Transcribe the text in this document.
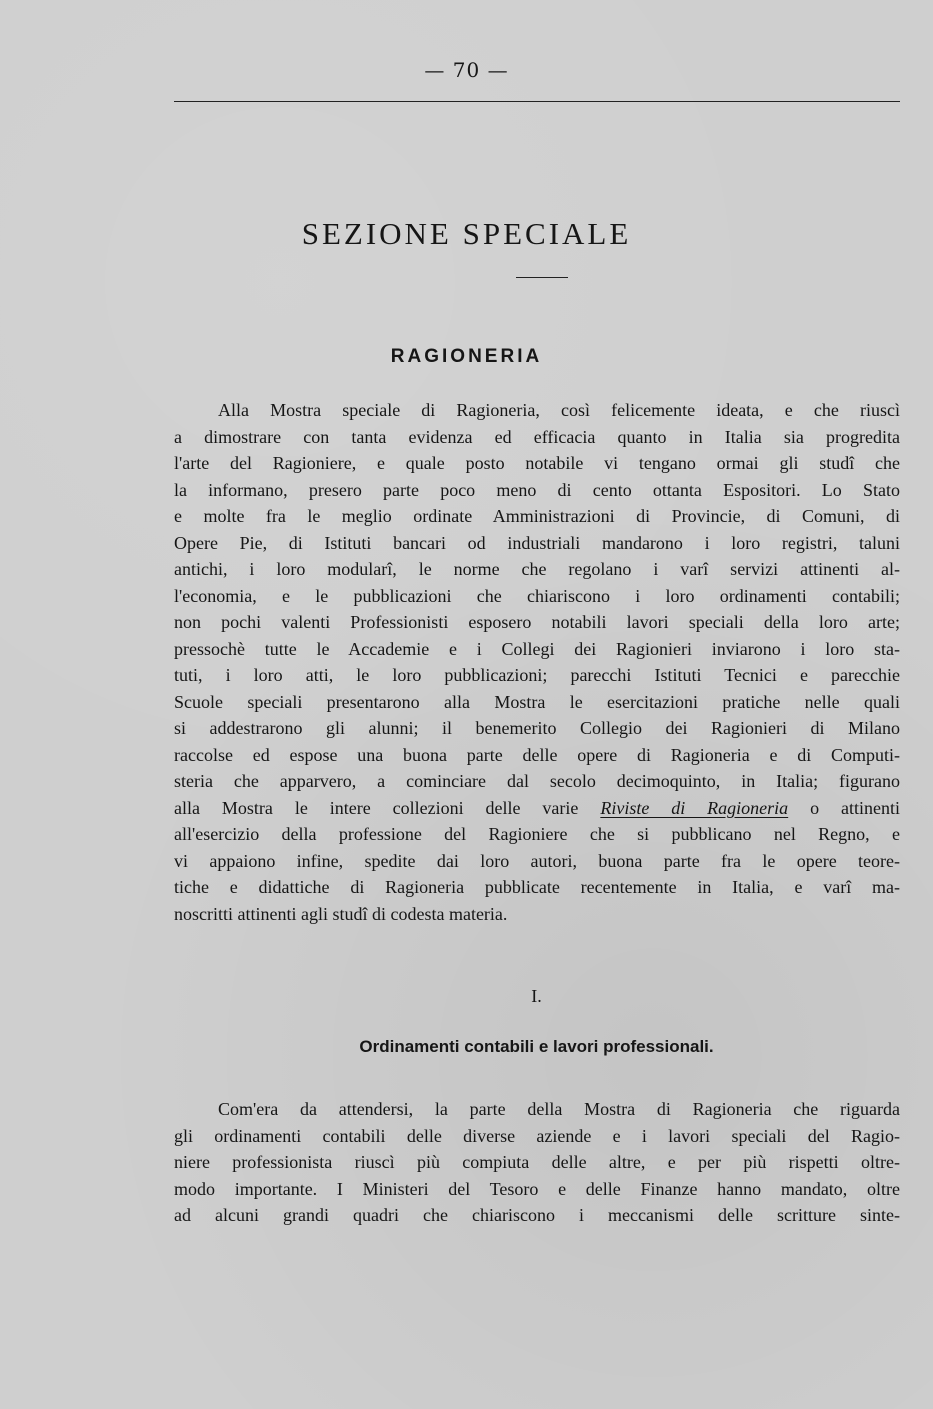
— 70 —
SEZIONE SPECIALE
RAGIONERIA
Alla Mostra speciale di Ragioneria, così felicemente ideata, e che riuscì
a dimostrare con tanta evidenza ed efficacia quanto in Italia sia progredita
l'arte del Ragioniere, e quale posto notabile vi tengano ormai gli studî che
la informano, presero parte poco meno di cento ottanta Espositori. Lo Stato
e molte fra le meglio ordinate Amministrazioni di Provincie, di Comuni, di
Opere Pie, di Istituti bancari od industriali mandarono i loro registri, taluni
antichi, i loro modularî, le norme che regolano i varî servizi attinenti al-
l'economia, e le pubblicazioni che chiariscono i loro ordinamenti contabili;
non pochi valenti Professionisti esposero notabili lavori speciali della loro arte;
pressochè tutte le Accademie e i Collegi dei Ragionieri inviarono i loro sta-
tuti, i loro atti, le loro pubblicazioni; parecchi Istituti Tecnici e parecchie
Scuole speciali presentarono alla Mostra le esercitazioni pratiche nelle quali
si addestrarono gli alunni; il benemerito Collegio dei Ragionieri di Milano
raccolse ed espose una buona parte delle opere di Ragioneria e di Computi-
steria che apparvero, a cominciare dal secolo decimoquinto, in Italia; figurano
alla Mostra le intere collezioni delle varie Riviste di Ragioneria o attinenti
all'esercizio della professione del Ragioniere che si pubblicano nel Regno, e
vi appaiono infine, spedite dai loro autori, buona parte fra le opere teore-
tiche e didattiche di Ragioneria pubblicate recentemente in Italia, e varî ma-
noscritti attinenti agli studî di codesta materia.
I.
Ordinamenti contabili e lavori professionali.
Com'era da attendersi, la parte della Mostra di Ragioneria che riguarda
gli ordinamenti contabili delle diverse aziende e i lavori speciali del Ragio-
niere professionista riuscì più compiuta delle altre, e per più rispetti oltre-
modo importante. I Ministeri del Tesoro e delle Finanze hanno mandato, oltre
ad alcuni grandi quadri che chiariscono i meccanismi delle scritture sinte-
